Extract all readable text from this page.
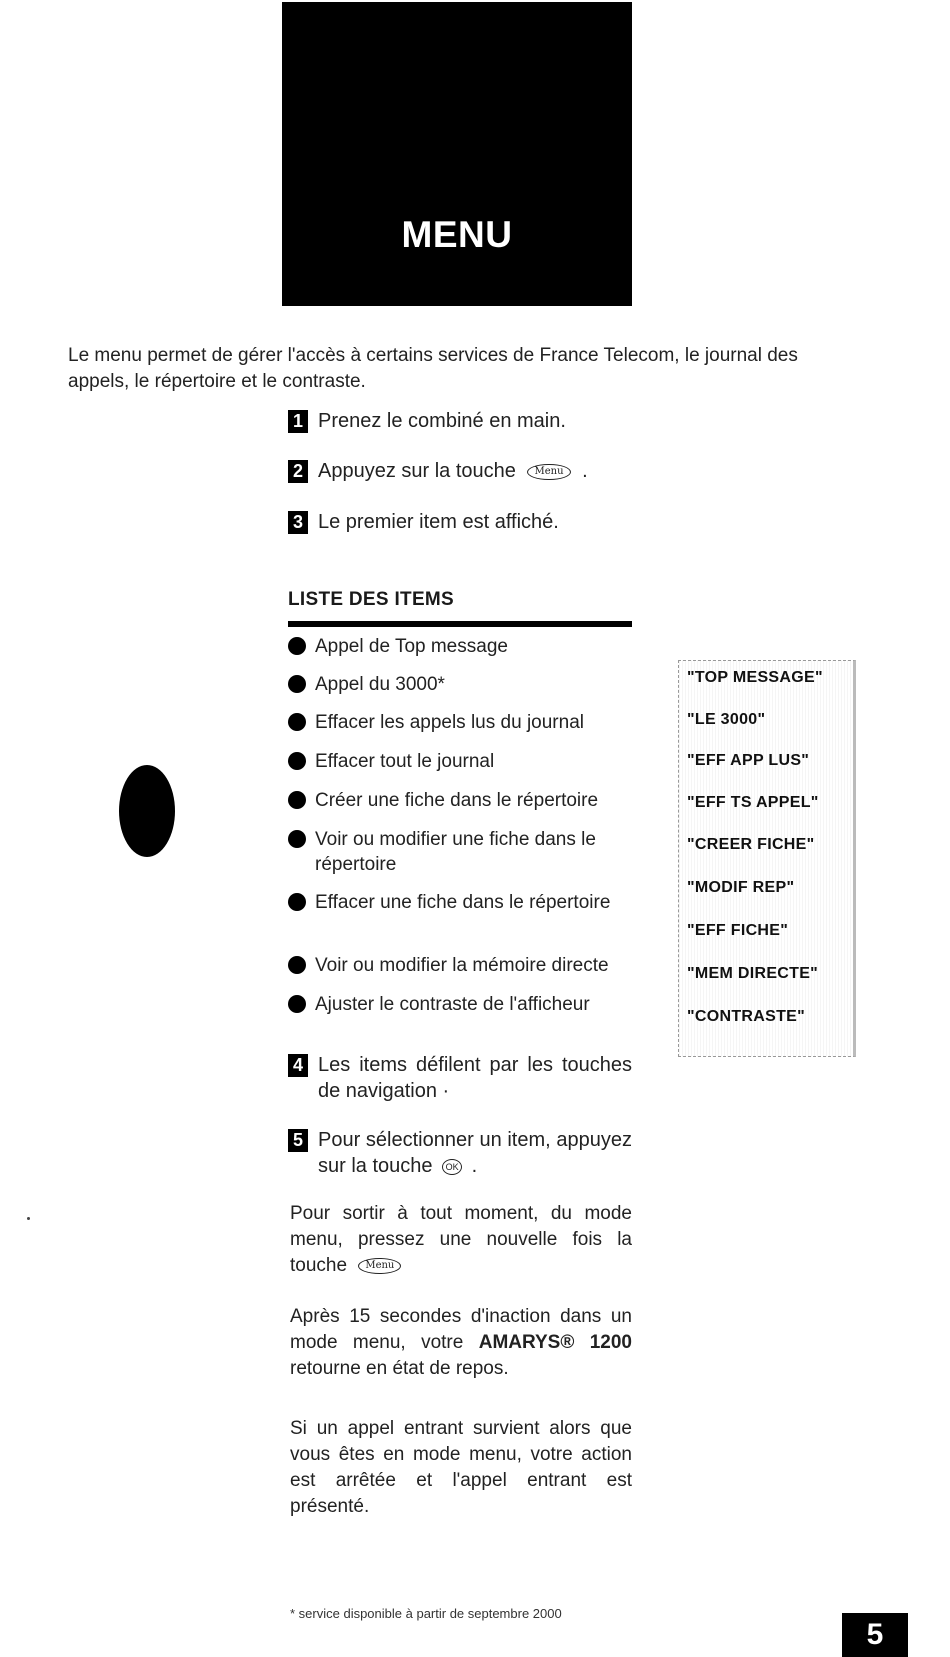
MENU
Le menu permet de gérer l'accès à certains services de France Telecom, le journal des appels, le répertoire et le contraste.
1 Prenez le combiné en main.
2 Appuyez sur la touche Menu .
3 Le premier item est affiché.
LISTE DES ITEMS
Appel de Top message
Appel du 3000*
Effacer les appels lus du journal
Effacer tout le journal
Créer une fiche dans le répertoire
Voir ou modifier une fiche dans le répertoire
Effacer une fiche dans le répertoire
Voir ou modifier la mémoire directe
Ajuster le contraste de l'afficheur
"TOP MESSAGE"
"LE 3000"
"EFF APP LUS"
"EFF TS APPEL"
"CREER FICHE"
"MODIF REP"
"EFF FICHE"
"MEM DIRECTE"
"CONTRASTE"
4 Les items défilent par les touches de navigation ·
5 Pour sélectionner un item, appuyez sur la touche OK .
Pour sortir à tout moment, du mode menu, pressez une nouvelle fois la touche Menu
Après 15 secondes d'inaction dans un mode menu, votre AMARYS® 1200 retourne en état de repos.
Si un appel entrant survient alors que vous êtes en mode menu, votre action est arrêtée et l'appel entrant est présenté.
* service disponible à partir de septembre 2000
5
